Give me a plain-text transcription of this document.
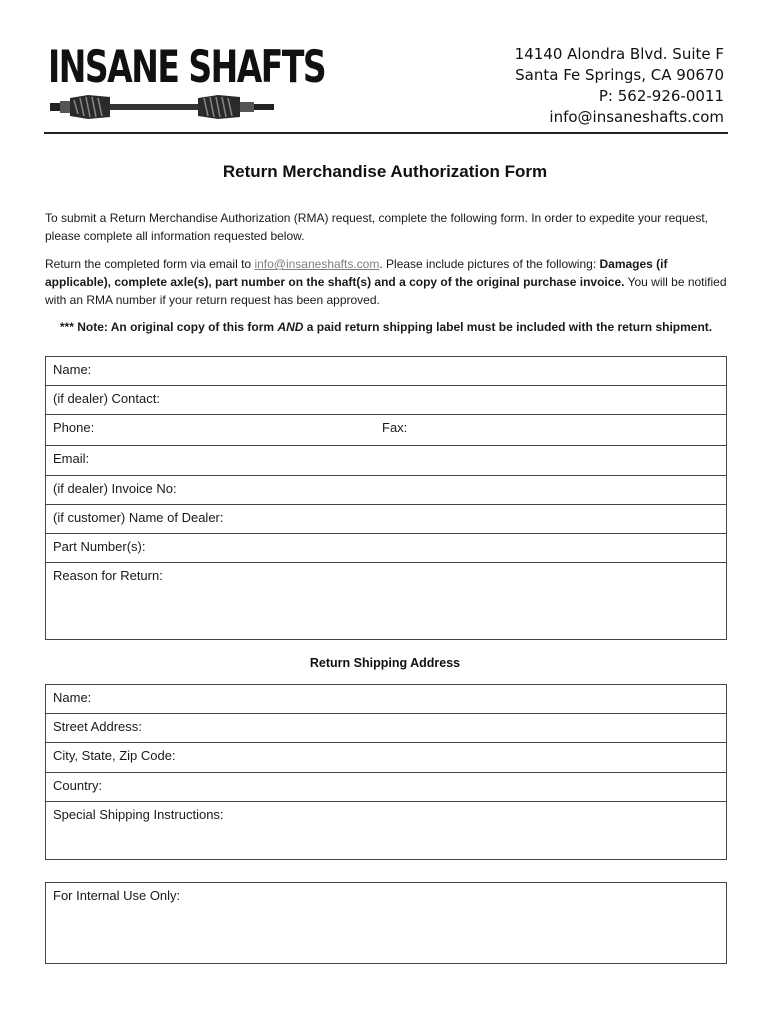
INSANE SHAFTS	14140 Alondra Blvd. Suite F
Santa Fe Springs, CA 90670
P: 562-926-0011
info@insaneshafts.com
Return Merchandise Authorization Form
To submit a Return Merchandise Authorization (RMA) request, complete the following form. In order to expedite your request, please complete all information requested below.
Return the completed form via email to info@insaneshafts.com. Please include pictures of the following: Damages (if applicable), complete axle(s), part number on the shaft(s) and a copy of the original purchase invoice. You will be notified with an RMA number if your return request has been approved.
*** Note: An original copy of this form AND a paid return shipping label must be included with the return shipment.
Name:
(if dealer) Contact:
Phone:	Fax:
Email:
(if dealer) Invoice No:
(if customer) Name of Dealer:
Part Number(s):
Reason for Return:
Return Shipping Address
Name:
Street Address:
City, State, Zip Code:
Country:
Special Shipping Instructions:
For Internal Use Only:
